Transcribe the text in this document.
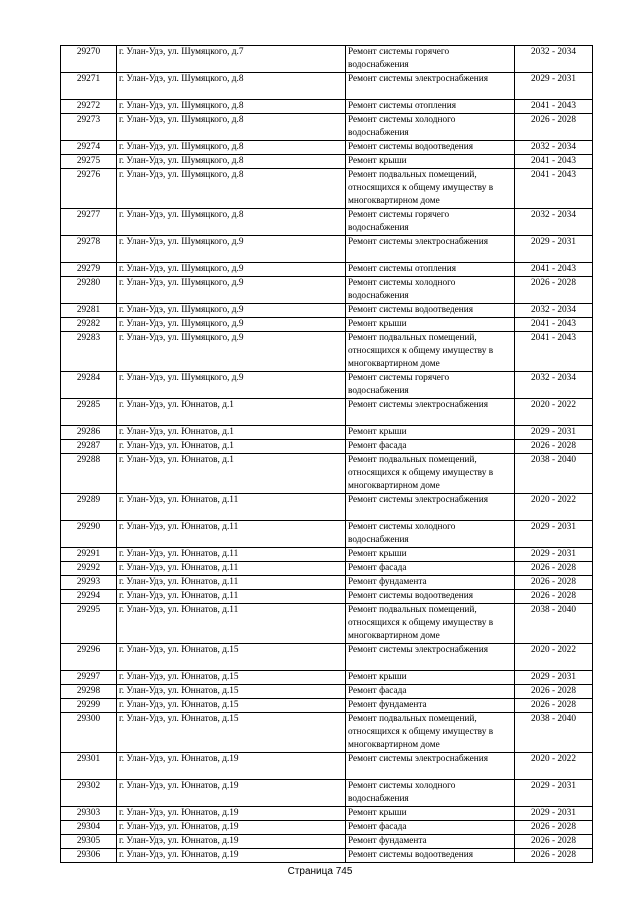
29270	г. Улан-Удэ, ул. Шумяцкого, д.7	Ремонт системы горячего водоснабжения	2032 - 2034
29271	г. Улан-Удэ, ул. Шумяцкого, д.8	Ремонт системы электроснабжения	2029 - 2031
29272	г. Улан-Удэ, ул. Шумяцкого, д.8	Ремонт системы отопления	2041 - 2043
29273	г. Улан-Удэ, ул. Шумяцкого, д.8	Ремонт системы холодного водоснабжения	2026 - 2028
29274	г. Улан-Удэ, ул. Шумяцкого, д.8	Ремонт системы водоотведения	2032 - 2034
29275	г. Улан-Удэ, ул. Шумяцкого, д.8	Ремонт крыши	2041 - 2043
29276	г. Улан-Удэ, ул. Шумяцкого, д.8	Ремонт подвальных помещений, относящихся к общему имуществу в многоквартирном доме	2041 - 2043
29277	г. Улан-Удэ, ул. Шумяцкого, д.8	Ремонт системы горячего водоснабжения	2032 - 2034
29278	г. Улан-Удэ, ул. Шумяцкого, д.9	Ремонт системы электроснабжения	2029 - 2031
29279	г. Улан-Удэ, ул. Шумяцкого, д.9	Ремонт системы отопления	2041 - 2043
29280	г. Улан-Удэ, ул. Шумяцкого, д.9	Ремонт системы холодного водоснабжения	2026 - 2028
29281	г. Улан-Удэ, ул. Шумяцкого, д.9	Ремонт системы водоотведения	2032 - 2034
29282	г. Улан-Удэ, ул. Шумяцкого, д.9	Ремонт крыши	2041 - 2043
29283	г. Улан-Удэ, ул. Шумяцкого, д.9	Ремонт подвальных помещений, относящихся к общему имуществу в многоквартирном доме	2041 - 2043
29284	г. Улан-Удэ, ул. Шумяцкого, д.9	Ремонт системы горячего водоснабжения	2032 - 2034
29285	г. Улан-Удэ, ул. Юннатов, д.1	Ремонт системы электроснабжения	2020 - 2022
29286	г. Улан-Удэ, ул. Юннатов, д.1	Ремонт крыши	2029 - 2031
29287	г. Улан-Удэ, ул. Юннатов, д.1	Ремонт фасада	2026 - 2028
29288	г. Улан-Удэ, ул. Юннатов, д.1	Ремонт подвальных помещений, относящихся к общему имуществу в многоквартирном доме	2038 - 2040
29289	г. Улан-Удэ, ул. Юннатов, д.11	Ремонт системы электроснабжения	2020 - 2022
29290	г. Улан-Удэ, ул. Юннатов, д.11	Ремонт системы холодного водоснабжения	2029 - 2031
29291	г. Улан-Удэ, ул. Юннатов, д.11	Ремонт крыши	2029 - 2031
29292	г. Улан-Удэ, ул. Юннатов, д.11	Ремонт фасада	2026 - 2028
29293	г. Улан-Удэ, ул. Юннатов, д.11	Ремонт фундамента	2026 - 2028
29294	г. Улан-Удэ, ул. Юннатов, д.11	Ремонт системы водоотведения	2026 - 2028
29295	г. Улан-Удэ, ул. Юннатов, д.11	Ремонт подвальных помещений, относящихся к общему имуществу в многоквартирном доме	2038 - 2040
29296	г. Улан-Удэ, ул. Юннатов, д.15	Ремонт системы электроснабжения	2020 - 2022
29297	г. Улан-Удэ, ул. Юннатов, д.15	Ремонт крыши	2029 - 2031
29298	г. Улан-Удэ, ул. Юннатов, д.15	Ремонт фасада	2026 - 2028
29299	г. Улан-Удэ, ул. Юннатов, д.15	Ремонт фундамента	2026 - 2028
29300	г. Улан-Удэ, ул. Юннатов, д.15	Ремонт подвальных помещений, относящихся к общему имуществу в многоквартирном доме	2038 - 2040
29301	г. Улан-Удэ, ул. Юннатов, д.19	Ремонт системы электроснабжения	2020 - 2022
29302	г. Улан-Удэ, ул. Юннатов, д.19	Ремонт системы холодного водоснабжения	2029 - 2031
29303	г. Улан-Удэ, ул. Юннатов, д.19	Ремонт крыши	2029 - 2031
29304	г. Улан-Удэ, ул. Юннатов, д.19	Ремонт фасада	2026 - 2028
29305	г. Улан-Удэ, ул. Юннатов, д.19	Ремонт фундамента	2026 - 2028
29306	г. Улан-Удэ, ул. Юннатов, д.19	Ремонт системы водоотведения	2026 - 2028
Страница 745
